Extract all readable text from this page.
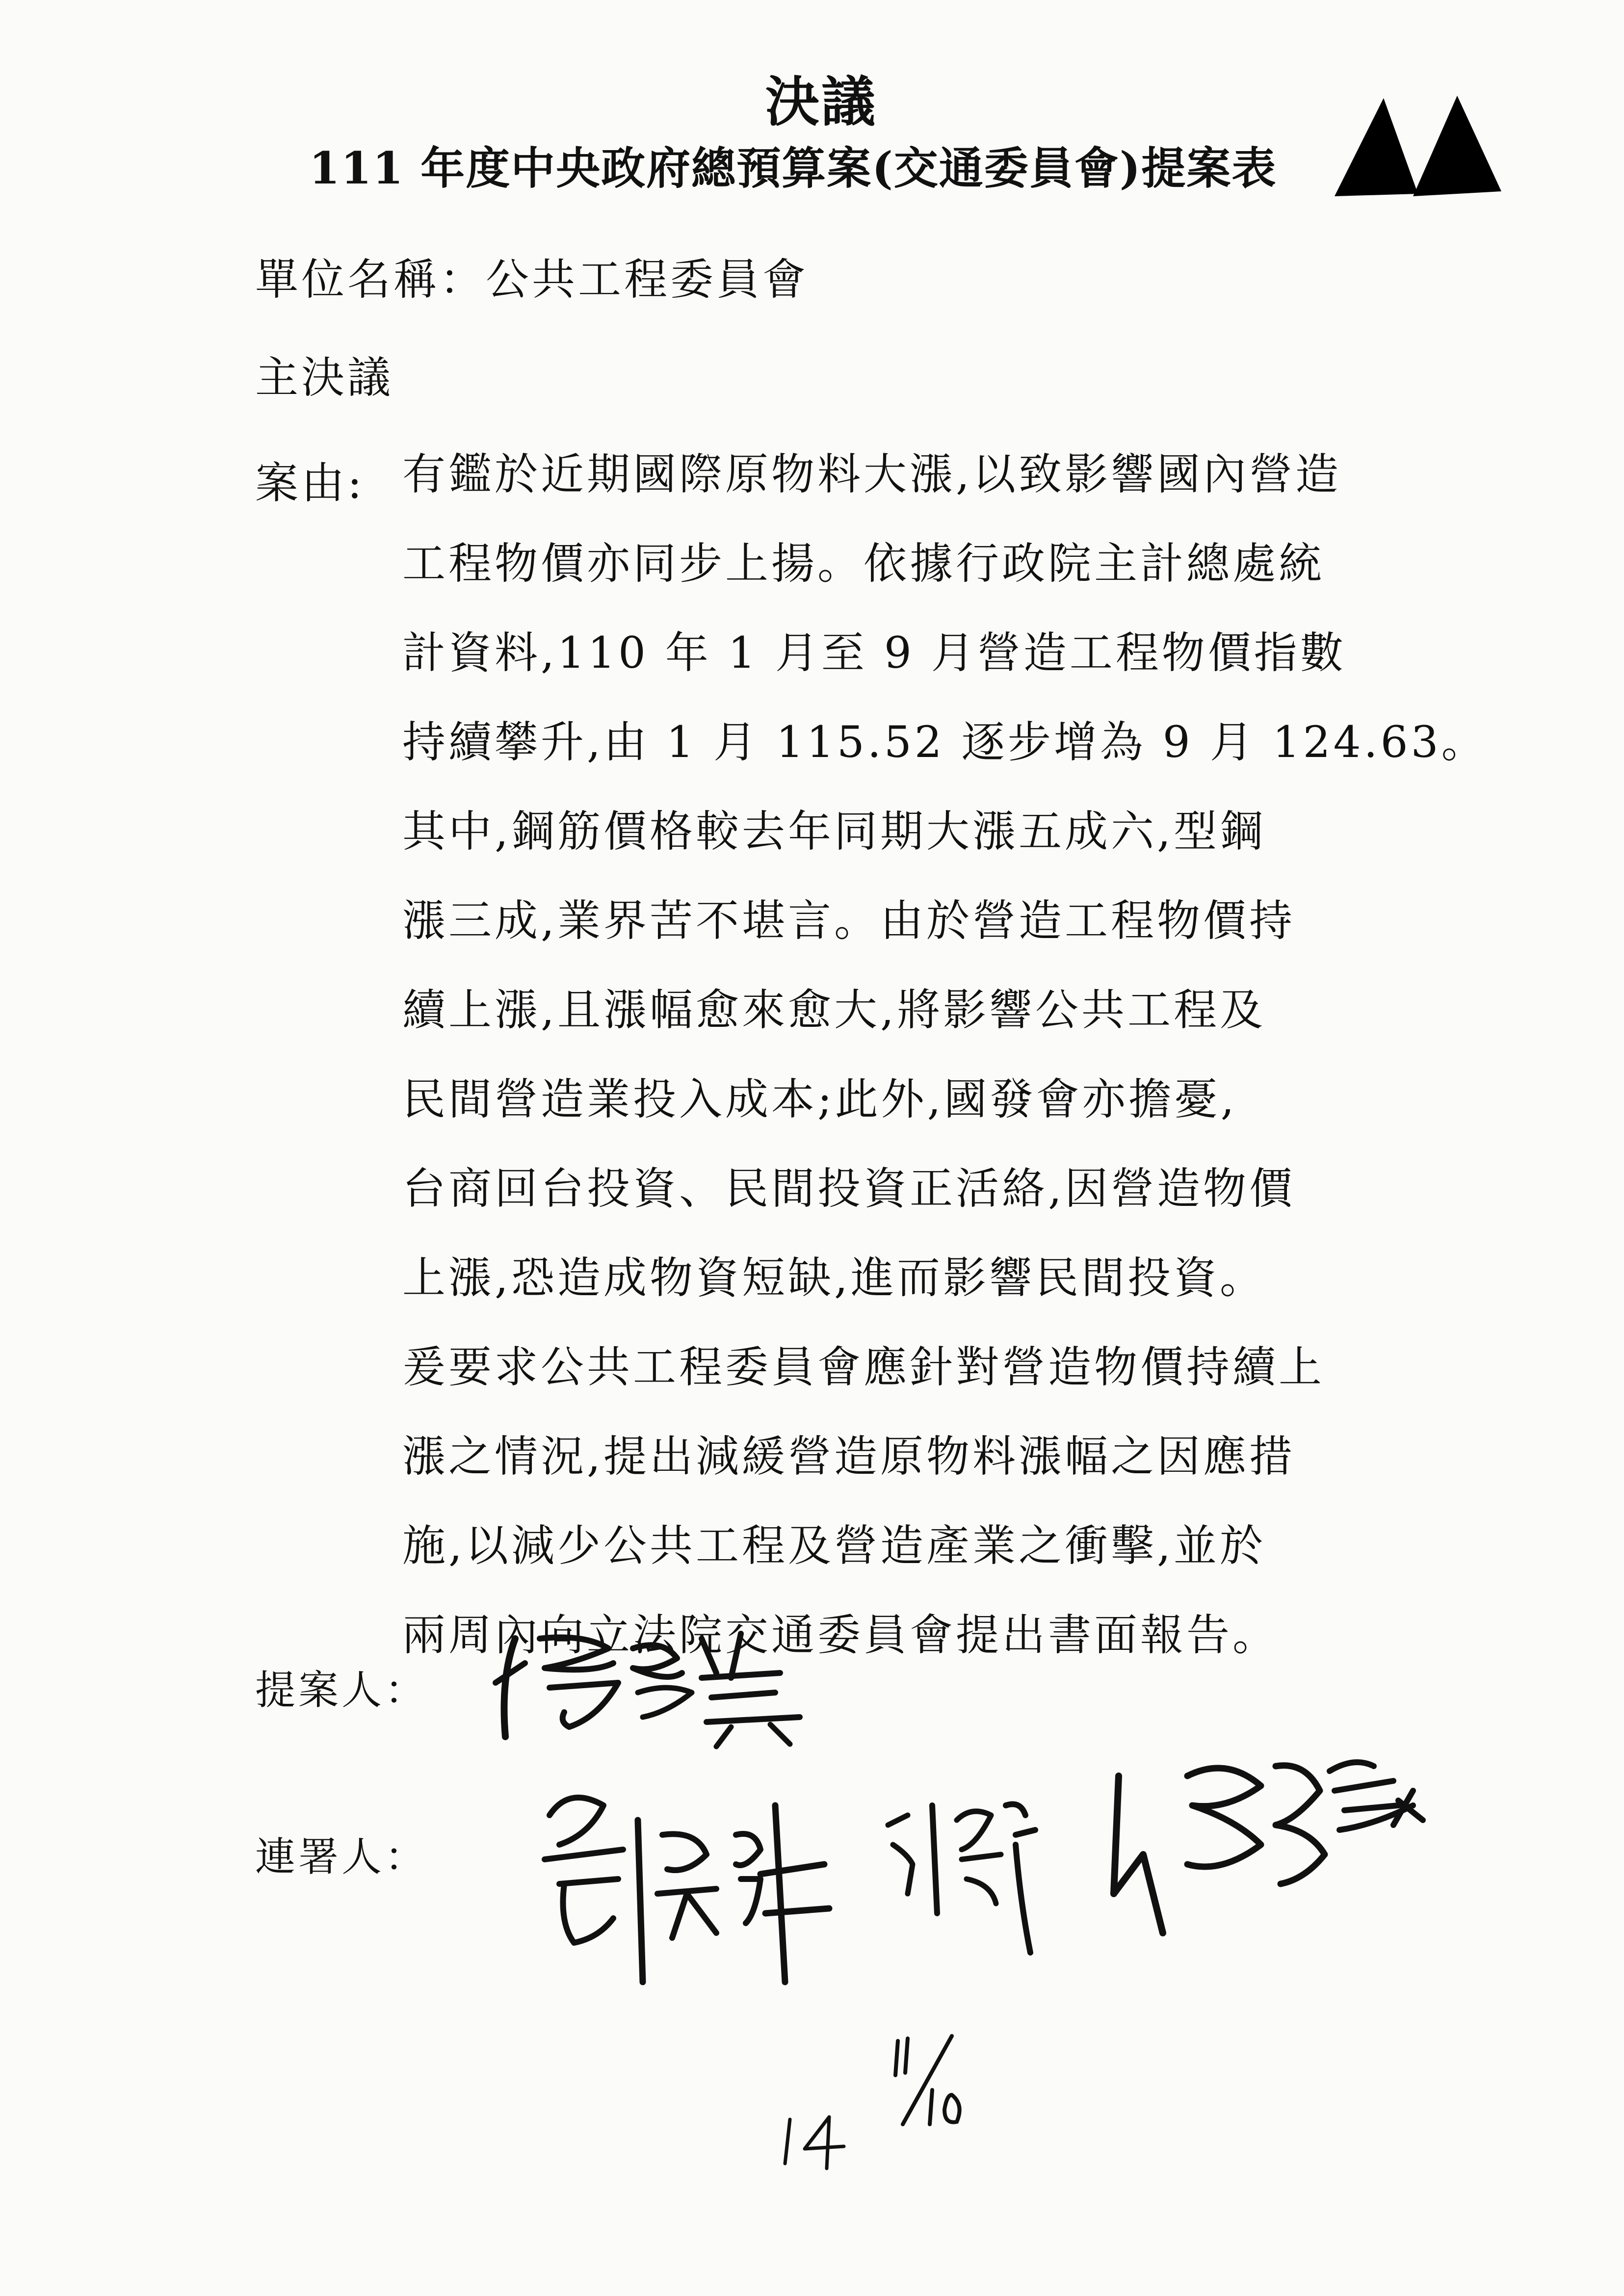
決議
111 年度中央政府總預算案(交通委員會)提案表
單位名稱：公共工程委員會
主決議
案由: 有鑑於近期國際原物料大漲,以致影響國內營造
工程物價亦同步上揚。依據行政院主計總處統
計資料,110 年 1 月至 9 月營造工程物價指數
持續攀升,由 1 月 115.52 逐步增為 9 月 124.63。
其中,鋼筋價格較去年同期大漲五成六,型鋼
漲三成,業界苦不堪言。由於營造工程物價持
續上漲,且漲幅愈來愈大,將影響公共工程及
民間營造業投入成本;此外,國發會亦擔憂,
台商回台投資、民間投資正活絡,因營造物價
上漲,恐造成物資短缺,進而影響民間投資。
爰要求公共工程委員會應針對營造物價持續上
漲之情況,提出減緩營造原物料漲幅之因應措
施,以減少公共工程及營造產業之衝擊,並於
兩周內向立法院交通委員會提出書面報告。
提案人：
連署人：
